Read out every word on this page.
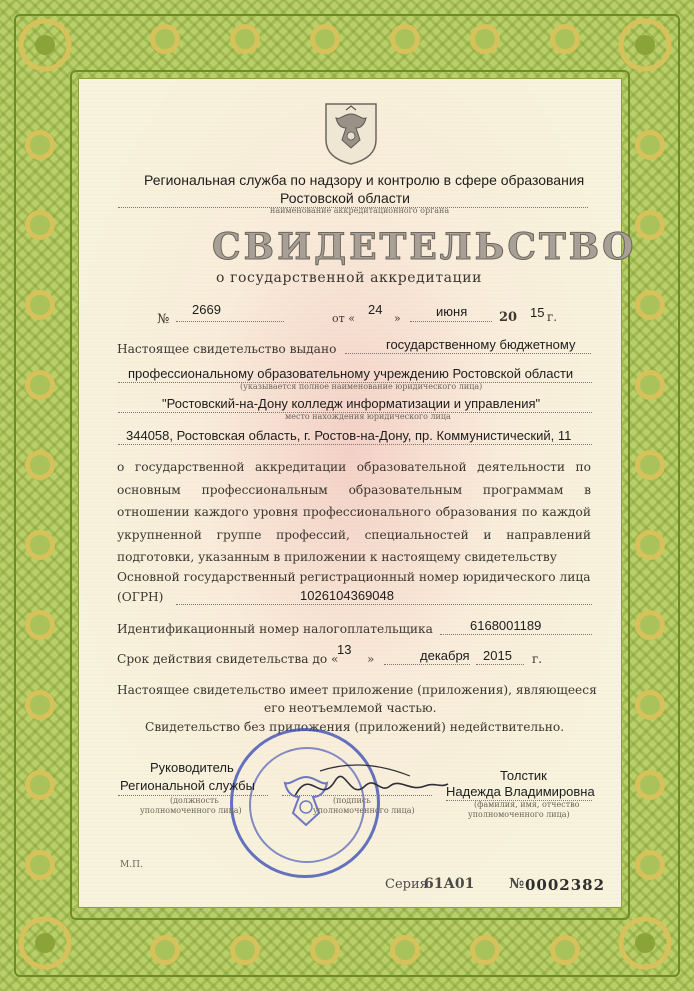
Региональная служба по надзору и контролю в сфере образования
Ростовской области
наименование аккредитационного органа
СВИДЕТЕЛЬСТВО
о государственной аккредитации
№
2669
от «
24
»	июня 20 15 г.
Настоящее свидетельство выдано	государственному бюджетному
профессиональному образовательному учреждению Ростовской области
(указывается полное наименование юридического лица)
"Ростовский-на-Дону колледж информатизации и управления"
место нахождения юридического лица
344058, Ростовская область, г. Ростов-на-Дону, пр. Коммунистический, 11
о государственной аккредитации образовательной деятельности по основным профессиональным образовательным программам в отношении каждого уровня профессионального образования по каждой укрупненной группе профессий, специальностей и направлений подготовки, указанным в приложении к настоящему свидетельству
Основной государственный регистрационный номер юридического лица
(ОГРН)	1026104369048
Идентификационный номер налогоплательщика	6168001189
Срок действия свидетельства до «
13
»	декабря 2015 г.
Настоящее свидетельство имеет приложение (приложения), являющееся
его неотъемлемой частью.
Свидетельство без приложения (приложений) недействительно.
Руководитель
Региональной службы
(должность
уполномоченного лица)
(подпись
уполномоченного лица)
Толстик
Надежда Владимировна
(фамилия, имя, отчество
уполномоченного лица)
М.П.
Серия
61А01 № 0002382
